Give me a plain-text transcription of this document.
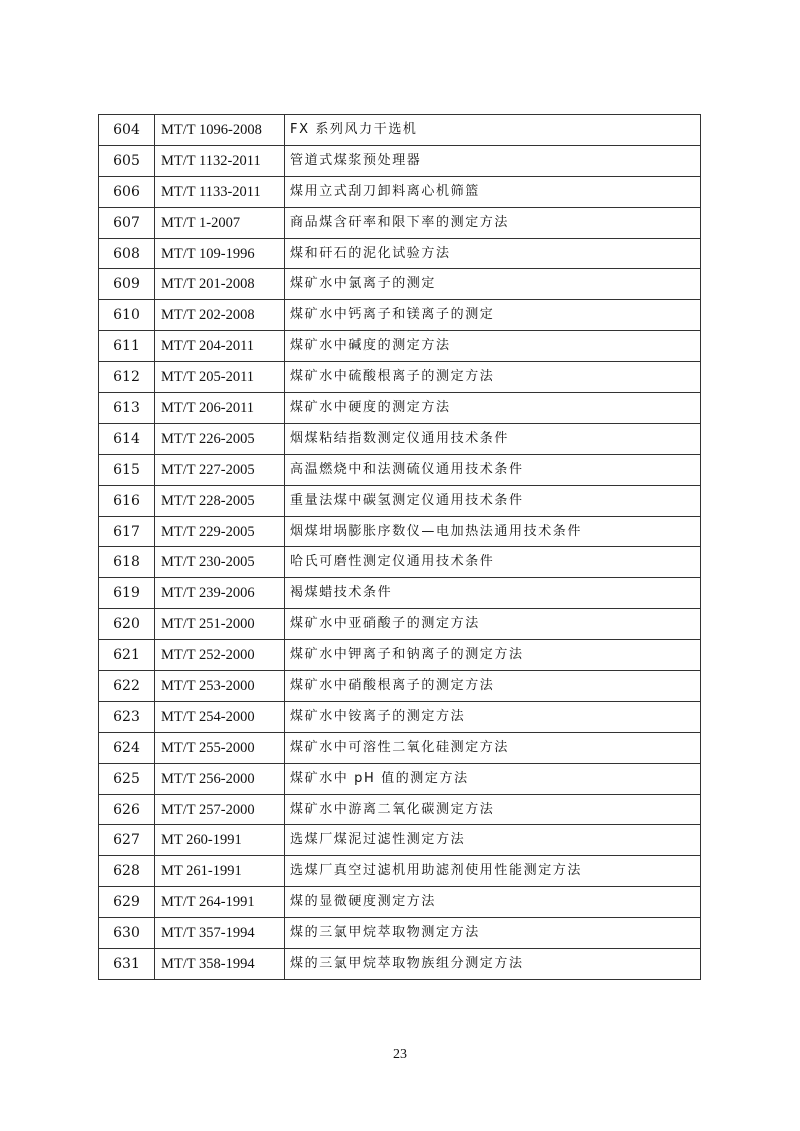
604	MT/T 1096-2008	FX 系列风力干选机
605	MT/T 1132-2011	管道式煤浆预处理器
606	MT/T 1133-2011	煤用立式刮刀卸料离心机筛篮
607	MT/T 1-2007	商品煤含矸率和限下率的测定方法
608	MT/T 109-1996	煤和矸石的泥化试验方法
609	MT/T 201-2008	煤矿水中氯离子的测定
610	MT/T 202-2008	煤矿水中钙离子和镁离子的测定
611	MT/T 204-2011	煤矿水中碱度的测定方法
612	MT/T 205-2011	煤矿水中硫酸根离子的测定方法
613	MT/T 206-2011	煤矿水中硬度的测定方法
614	MT/T 226-2005	烟煤粘结指数测定仪通用技术条件
615	MT/T 227-2005	高温燃烧中和法测硫仪通用技术条件
616	MT/T 228-2005	重量法煤中碳氢测定仪通用技术条件
617	MT/T 229-2005	烟煤坩埚膨胀序数仪—电加热法通用技术条件
618	MT/T 230-2005	哈氏可磨性测定仪通用技术条件
619	MT/T 239-2006	褐煤蜡技术条件
620	MT/T 251-2000	煤矿水中亚硝酸子的测定方法
621	MT/T 252-2000	煤矿水中钾离子和钠离子的测定方法
622	MT/T 253-2000	煤矿水中硝酸根离子的测定方法
623	MT/T 254-2000	煤矿水中铵离子的测定方法
624	MT/T 255-2000	煤矿水中可溶性二氧化硅测定方法
625	MT/T 256-2000	煤矿水中 pH 值的测定方法
626	MT/T 257-2000	煤矿水中游离二氧化碳测定方法
627	MT 260-1991	选煤厂煤泥过滤性测定方法
628	MT 261-1991	选煤厂真空过滤机用助滤剂使用性能测定方法
629	MT/T 264-1991	煤的显微硬度测定方法
630	MT/T 357-1994	煤的三氯甲烷萃取物测定方法
631	MT/T 358-1994	煤的三氯甲烷萃取物族组分测定方法
23
